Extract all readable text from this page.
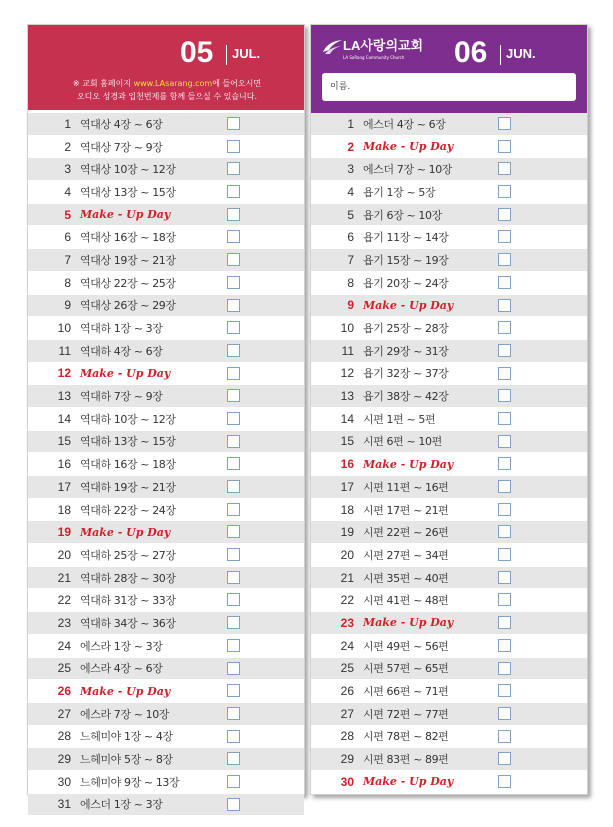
05 JUL.
※ 교회 홈페이지 www.LAsarang.com에 들어오시면
오디오 성경과 입천번제를 함께 들으실 수 있습니다.
1 역대상 4장 ~ 6장
2 역대상 7장 ~ 9장
3 역대상 10장 ~ 12장
4 역대상 13장 ~ 15장
5 Make - Up Day
6 역대상 16장 ~ 18장
7 역대상 19장 ~ 21장
8 역대상 22장 ~ 25장
9 역대상 26장 ~ 29장
10 역대하 1장 ~ 3장
11 역대하 4장 ~ 6장
12 Make - Up Day
13 역대하 7장 ~ 9장
14 역대하 10장 ~ 12장
15 역대하 13장 ~ 15장
16 역대하 16장 ~ 18장
17 역대하 19장 ~ 21장
18 역대하 22장 ~ 24장
19 Make - Up Day
20 역대하 25장 ~ 27장
21 역대하 28장 ~ 30장
22 역대하 31장 ~ 33장
23 역대하 34장 ~ 36장
24 에스라 1장 ~ 3장
25 에스라 4장 ~ 6장
26 Make - Up Day
27 에스라 7장 ~ 10장
28 느헤미야 1장 ~ 4장
29 느헤미야 5장 ~ 8장
30 느헤미야 9장 ~ 13장
31 에스더 1장 ~ 3장
LA사랑의교회
LA SaRang Community Church 06 JUN.
이름.
1 에스더 4장 ~ 6장
2 Make - Up Day
3 에스더 7장 ~ 10장
4 욥기 1장 ~ 5장
5 욥기 6장 ~ 10장
6 욥기 11장 ~ 14장
7 욥기 15장 ~ 19장
8 욥기 20장 ~ 24장
9 Make - Up Day
10 욥기 25장 ~ 28장
11 욥기 29장 ~ 31장
12 욥기 32장 ~ 37장
13 욥기 38장 ~ 42장
14 시편 1편 ~ 5편
15 시편 6편 ~ 10편
16 Make - Up Day
17 시편 11편 ~ 16편
18 시편 17편 ~ 21편
19 시편 22편 ~ 26편
20 시편 27편 ~ 34편
21 시편 35편 ~ 40편
22 시편 41편 ~ 48편
23 Make - Up Day
24 시편 49편 ~ 56편
25 시편 57편 ~ 65편
26 시편 66편 ~ 71편
27 시편 72편 ~ 77편
28 시편 78편 ~ 82편
29 시편 83편 ~ 89편
30 Make - Up Day
